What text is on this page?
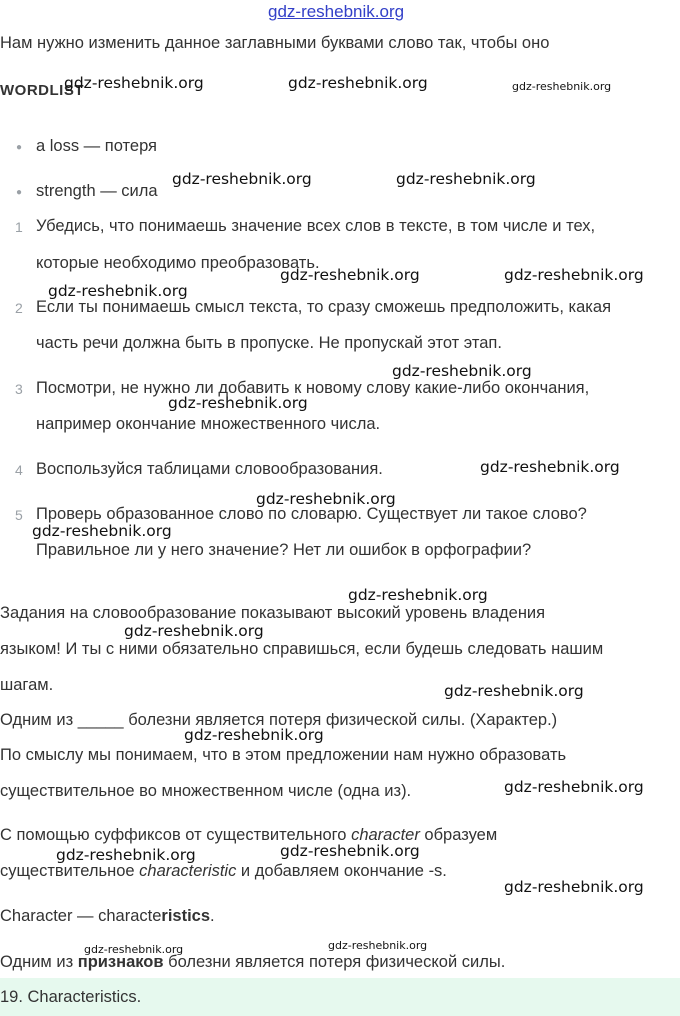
gdz-reshebnik.org
Нам нужно изменить данное заглавными буквами слово так, чтобы оно
WORDLIST
● a loss — потеря
● strength — сила
1 Убедись, что понимаешь значение всех слов в тексте, в том числе и тех,
которые необходимо преобразовать.
2 Если ты понимаешь смысл текста, то сразу сможешь предположить, какая
часть речи должна быть в пропуске. Не пропускай этот этап.
3 Посмотри, не нужно ли добавить к новому слову какие-либо окончания,
например окончание множественного числа.
4 Воспользуйся таблицами словообразования.
5 Проверь образованное слово по словарю. Существует ли такое слово?
Правильное ли у него значение? Нет ли ошибок в орфографии?
Задания на словообразование показывают высокий уровень владения
языком! И ты с ними обязательно справишься, если будешь следовать нашим
шагам.
Одним из _____ болезни является потеря физической силы. (Характер.)
По смыслу мы понимаем, что в этом предложении нам нужно образовать
существительное во множественном числе (одна из).
С помощью суффиксов от существительного character образуем
существительное characteristic и добавляем окончание -s.
Character — characteristics.
Одним из признаков болезни является потеря физической силы.
19. Characteristics.
gdz-reshebnik.org	gdz-reshebnik.org	gdz-reshebnik.org
gdz-reshebnik.org	gdz-reshebnik.org
gdz-reshebnik.org	gdz-reshebnik.org
gdz-reshebnik.org
gdz-reshebnik.org
gdz-reshebnik.org
gdz-reshebnik.org
gdz-reshebnik.org
gdz-reshebnik.org
gdz-reshebnik.org
gdz-reshebnik.org
gdz-reshebnik.org
gdz-reshebnik.org
gdz-reshebnik.org
gdz-reshebnik.org
gdz-reshebnik.org
gdz-reshebnik.org
gdz-reshebnik.org	gdz-reshebnik.org
